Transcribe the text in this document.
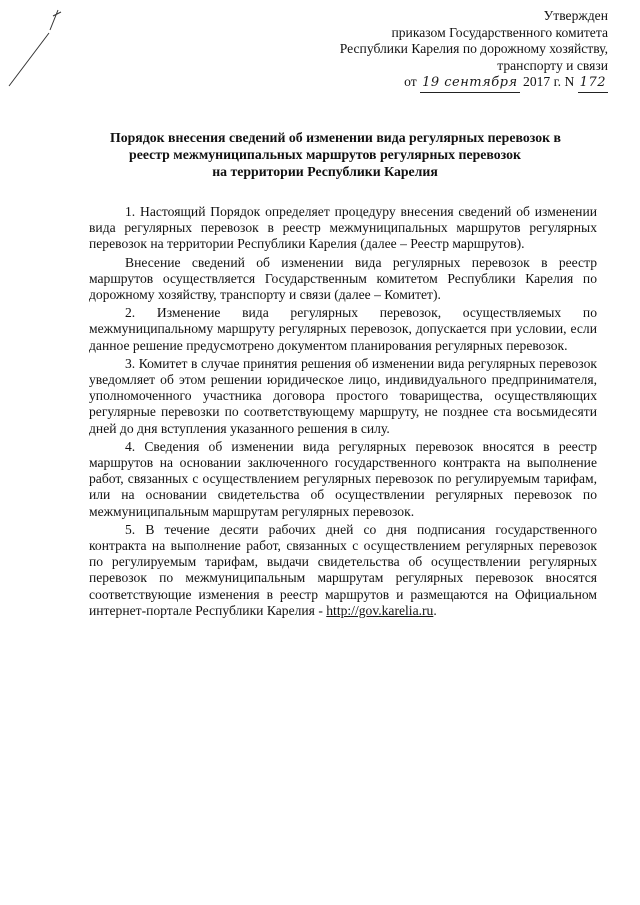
Утвержден
приказом Государственного комитета
Республики Карелия по дорожному хозяйству,
транспорту и связи
от 19 сентября 2017 г. N 172
Порядок внесения сведений об изменении вида регулярных перевозок в
реестр межмуниципальных маршрутов регулярных перевозок
на территории Республики Карелия

1. Настоящий Порядок определяет процедуру внесения сведений об изменении вида регулярных перевозок в реестр межмуниципальных маршрутов регулярных перевозок на территории Республики Карелия (далее – Реестр маршрутов).

Внесение сведений об изменении вида регулярных перевозок в реестр маршрутов осуществляется Государственным комитетом Республики Карелия по дорожному хозяйству, транспорту и связи (далее – Комитет).

2. Изменение вида регулярных перевозок, осуществляемых по межмуниципальному маршруту регулярных перевозок, допускается при условии, если данное решение предусмотрено документом планирования регулярных перевозок.

3. Комитет в случае принятия решения об изменении вида регулярных перевозок уведомляет об этом решении юридическое лицо, индивидуального предпринимателя, уполномоченного участника договора простого товарищества, осуществляющих регулярные перевозки по соответствующему маршруту, не позднее ста восьмидесяти дней до дня вступления указанного решения в силу.

4. Сведения об изменении вида регулярных перевозок вносятся в реестр маршрутов на основании заключенного государственного контракта на выполнение работ, связанных с осуществлением регулярных перевозок по регулируемым тарифам, или на основании свидетельства об осуществлении регулярных перевозок по межмуниципальным маршрутам регулярных перевозок.

5. В течение десяти рабочих дней со дня подписания государственного контракта на выполнение работ, связанных с осуществлением регулярных перевозок по регулируемым тарифам, выдачи свидетельства об осуществлении регулярных перевозок по межмуниципальным маршрутам регулярных перевозок вносятся соответствующие изменения в реестр маршрутов и размещаются на Официальном интернет-портале Республики Карелия - http://gov.karelia.ru.
